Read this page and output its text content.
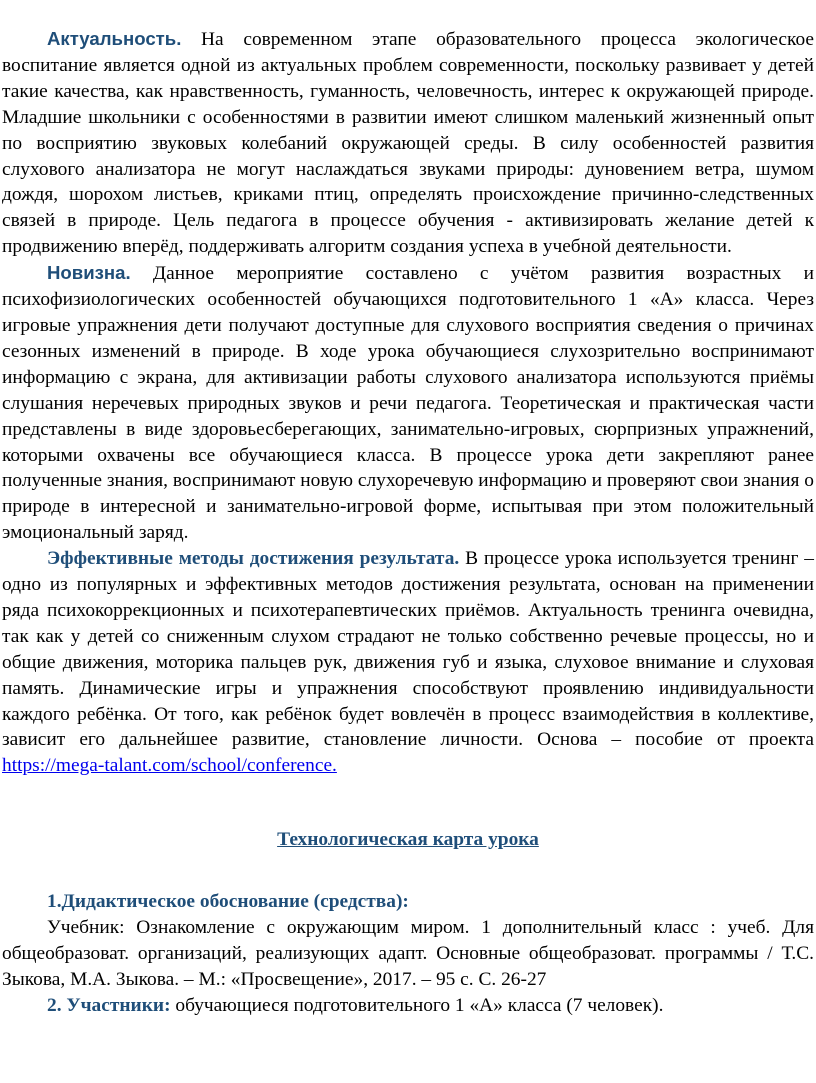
Актуальность. На современном этапе образовательного процесса экологическое воспитание является одной из актуальных проблем современности, поскольку развивает у детей такие качества, как нравственность, гуманность, человечность, интерес к окружающей природе. Младшие школьники с особенностями в развитии имеют слишком маленький жизненный опыт по восприятию звуковых колебаний окружающей среды. В силу особенностей развития слухового анализатора не могут наслаждаться звуками природы: дуновением ветра, шумом дождя, шорохом листьев, криками птиц, определять происхождение причинно-следственных связей в природе. Цель педагога в процессе обучения - активизировать желание детей к продвижению вперёд, поддерживать алгоритм создания успеха в учебной деятельности.

Новизна. Данное мероприятие составлено с учётом развития возрастных и психофизиологических особенностей обучающихся подготовительного 1 «А» класса. Через игровые упражнения дети получают доступные для слухового восприятия сведения о причинах сезонных изменений в природе. В ходе урока обучающиеся слухозрительно воспринимают информацию с экрана, для активизации работы слухового анализатора используются приёмы слушания неречевых природных звуков и речи педагога. Теоретическая и практическая части представлены в виде здоровьесберегающих, занимательно-игровых, сюрпризных упражнений, которыми охвачены все обучающиеся класса. В процессе урока дети закрепляют ранее полученные знания, воспринимают новую слухоречевую информацию и проверяют свои знания о природе в интересной и занимательно-игровой форме, испытывая при этом положительный эмоциональный заряд.

Эффективные методы достижения результата. В процессе урока используется тренинг – одно из популярных и эффективных методов достижения результата, основан на применении ряда психокоррекционных и психотерапевтических приёмов. Актуальность тренинга очевидна, так как у детей со сниженным слухом страдают не только собственно речевые процессы, но и общие движения, моторика пальцев рук, движения губ и языка, слуховое внимание и слуховая память. Динамические игры и упражнения способствуют проявлению индивидуальности каждого ребёнка. От того, как ребёнок будет вовлечён в процесс взаимодействия в коллективе, зависит его дальнейшее развитие, становление личности. Основа – пособие от проекта https://mega-talant.com/school/conference.

Технологическая карта урока
1.Дидактическое обоснование (средства):

Учебник: Ознакомление с окружающим миром. 1 дополнительный класс : учеб. Для общеобразоват. организаций, реализующих адапт. Основные общеобразоват. программы / Т.С. Зыкова, М.А. Зыкова. – М.: «Просвещение», 2017. – 95 с. С. 26-27

2. Участники: обучающиеся подготовительного 1 «А» класса (7 человек).
